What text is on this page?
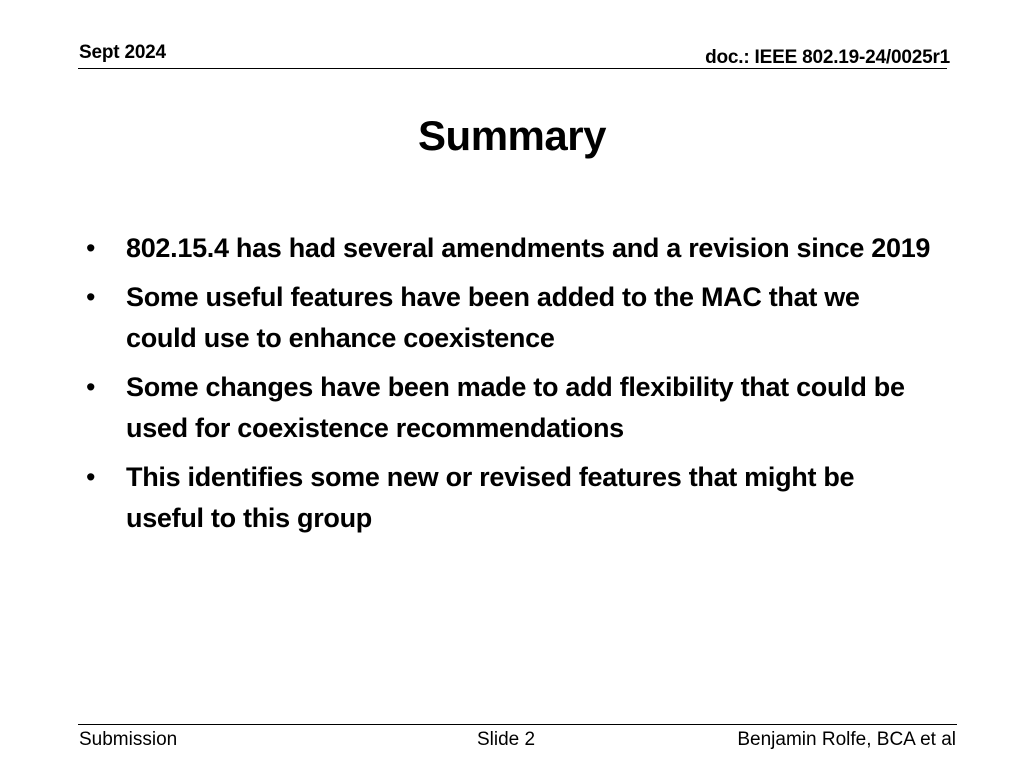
Sept 2024	doc.: IEEE 802.19-24/0025r1
Summary
•	802.15.4 has had several amendments and a revision since 2019
•	Some useful features have been added to the MAC that we could use to enhance coexistence
•	Some changes have been made to add flexibility that could be used for coexistence recommendations
•	This identifies some new or revised features that might be useful to this group
Submission	Slide 2	Benjamin Rolfe, BCA et al
